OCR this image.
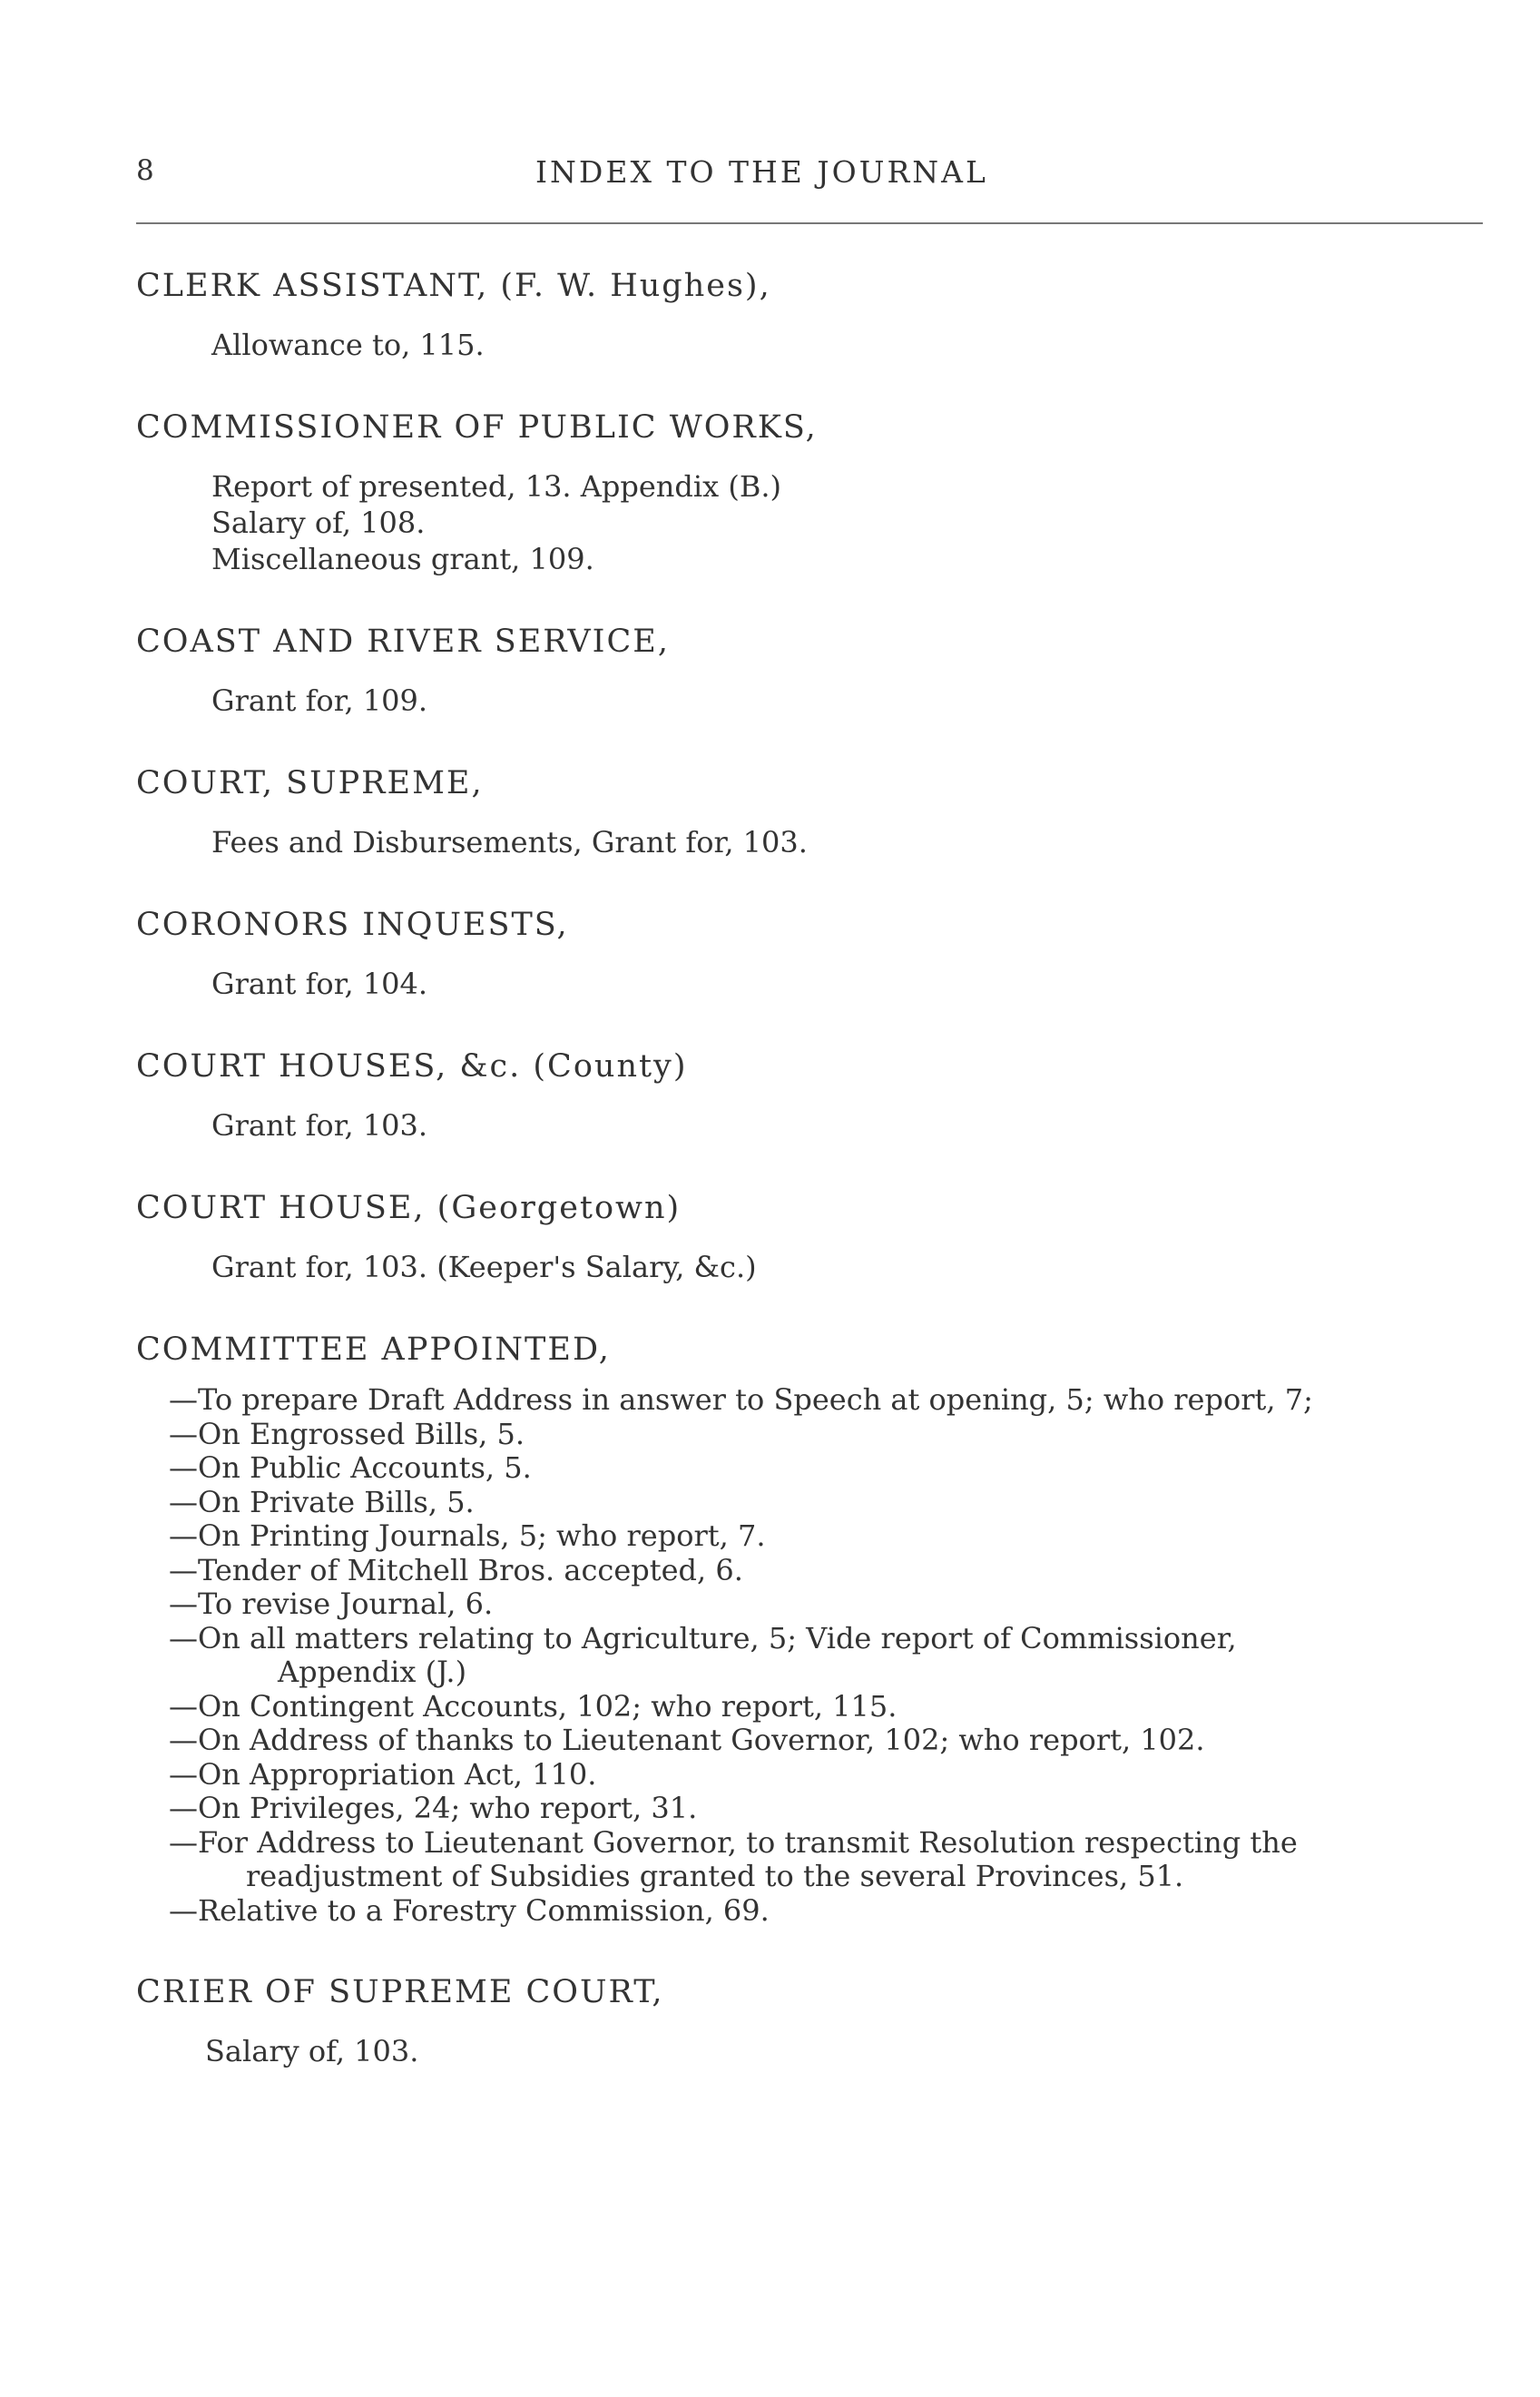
8	INDEX TO THE JOURNAL
CLERK ASSISTANT, (F. W. Hughes),
Allowance to, 115.
COMMISSIONER OF PUBLIC WORKS,
Report of presented, 13. Appendix (B.)
Salary of, 108.
Miscellaneous grant, 109.
COAST AND RIVER SERVICE,
Grant for, 109.
COURT, SUPREME,
Fees and Disbursements, Grant for, 103.
CORONORS INQUESTS,
Grant for, 104.
COURT HOUSES, &c. (County)
Grant for, 103.
COURT HOUSE, (Georgetown)
Grant for, 103. (Keeper's Salary, &c.)
COMMITTEE APPOINTED,
—To prepare Draft Address in answer to Speech at opening, 5; who report, 7;
—On Engrossed Bills, 5.
—On Public Accounts, 5.
—On Private Bills, 5.
—On Printing Journals, 5; who report, 7.
—Tender of Mitchell Bros. accepted, 6.
—To revise Journal, 6.
—On all matters relating to Agriculture, 5; Vide report of Commissioner,
Appendix (J.)
—On Contingent Accounts, 102; who report, 115.
—On Address of thanks to Lieutenant Governor, 102; who report, 102.
—On Appropriation Act, 110.
—On Privileges, 24; who report, 31.
—For Address to Lieutenant Governor, to transmit Resolution respecting the
readjustment of Subsidies granted to the several Provinces, 51.
—Relative to a Forestry Commission, 69.
CRIER OF SUPREME COURT,
Salary of, 103.
